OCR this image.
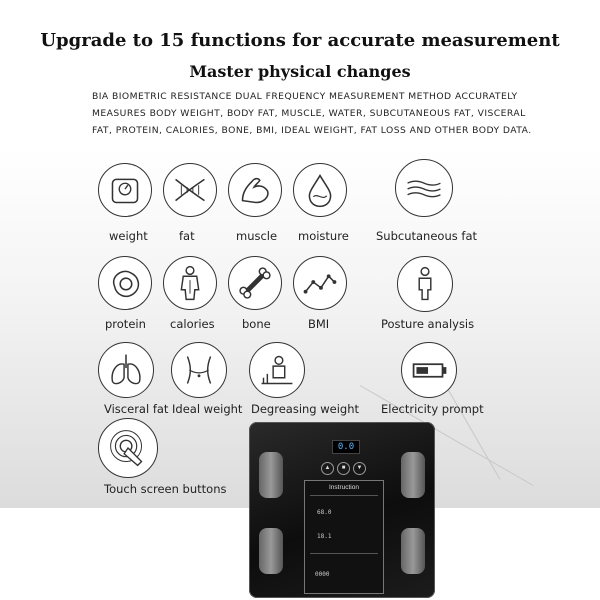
Upgrade to 15 functions for accurate measurement
Master physical changes
BIA BIOMETRIC RESISTANCE DUAL FREQUENCY MEASUREMENT METHOD ACCURATELY
MEASURES BODY WEIGHT, BODY FAT, MUSCLE, WATER, SUBCUTANEOUS FAT, VISCERAL
FAT, PROTEIN, CALORIES, BONE, BMI, IDEAL WEIGHT, FAT LOSS AND OTHER BODY DATA.
weight	fat	muscle moisture Subcutaneous fat
protein calories bone	BMI	Posture analysis
Visceral fat Ideal weight Degreasing weight Electricity prompt
Touch screen buttons
0.0
▲	■	▼
Instruction
68.0
18.1
0000
